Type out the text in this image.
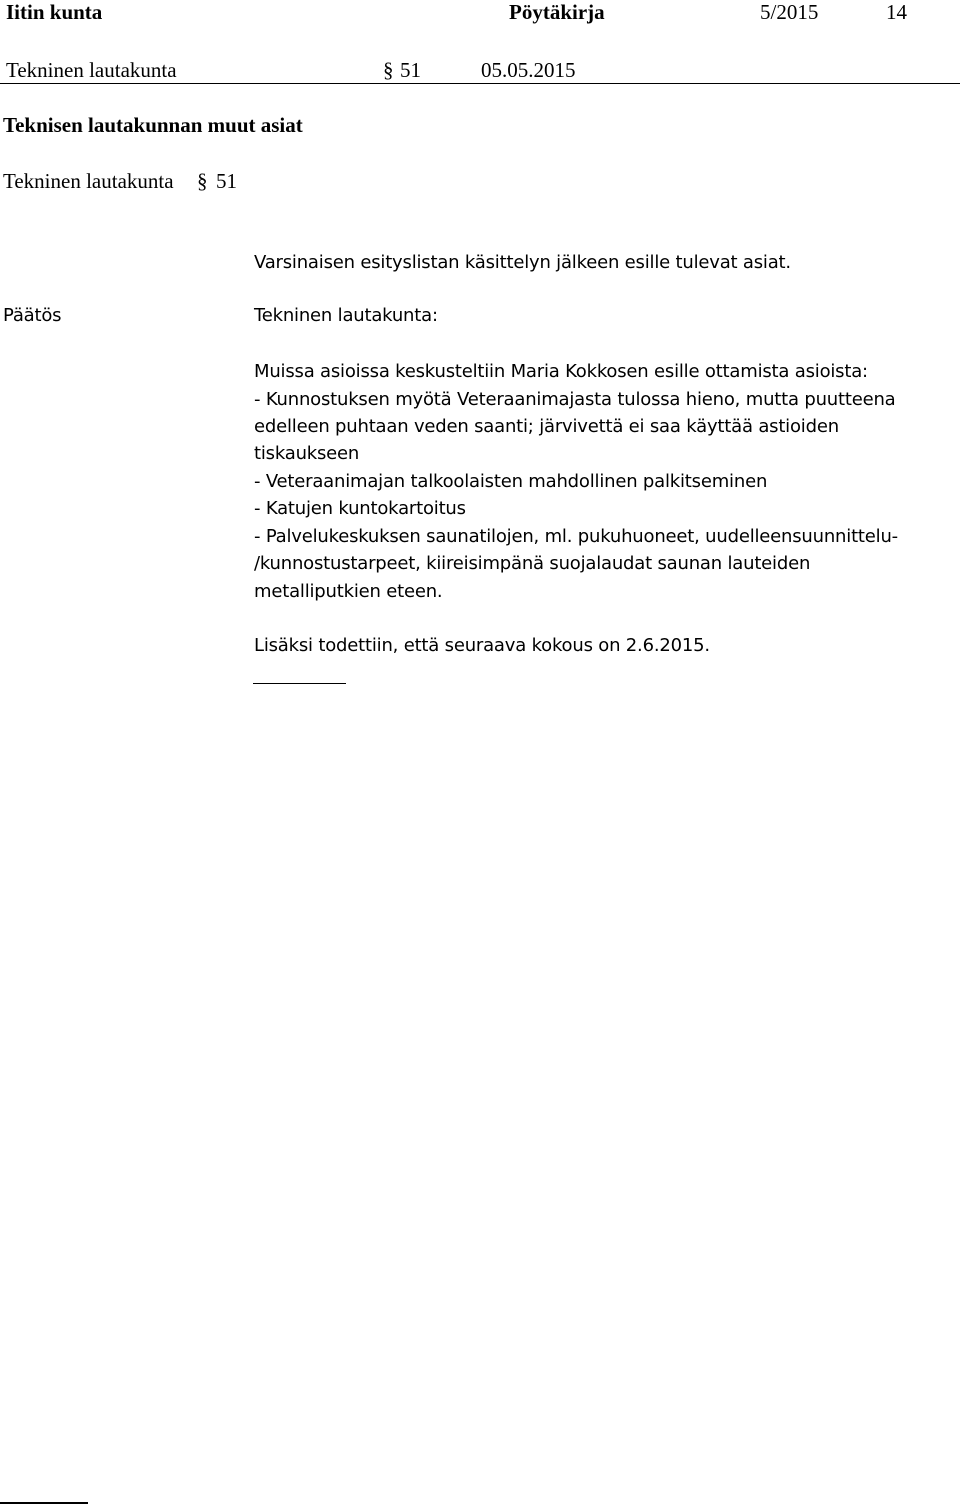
Iitin kunta	Pöytäkirja	5/2015	14
Tekninen lautakunta	§ 51	05.05.2015
Teknisen lautakunnan muut asiat
Tekninen lautakunta § 51
Varsinaisen esityslistan käsittelyn jälkeen esille tulevat asiat.
Päätös	Tekninen lautakunta:
Muissa asioissa keskusteltiin Maria Kokkosen esille ottamista asioista:
- Kunnostuksen myötä Veteraanimajasta tulossa hieno, mutta puutteena
edelleen puhtaan veden saanti; järvivettä ei saa käyttää astioiden
tiskaukseen
- Veteraanimajan talkoolaisten mahdollinen palkitseminen
- Katujen kuntokartoitus
- Palvelukeskuksen saunatilojen, ml. pukuhuoneet, uudelleensuunnittelu-
/kunnostustarpeet, kiireisimpänä suojalaudat saunan lauteiden
metalliputkien eteen.
Lisäksi todettiin, että seuraava kokous on 2.6.2015.
